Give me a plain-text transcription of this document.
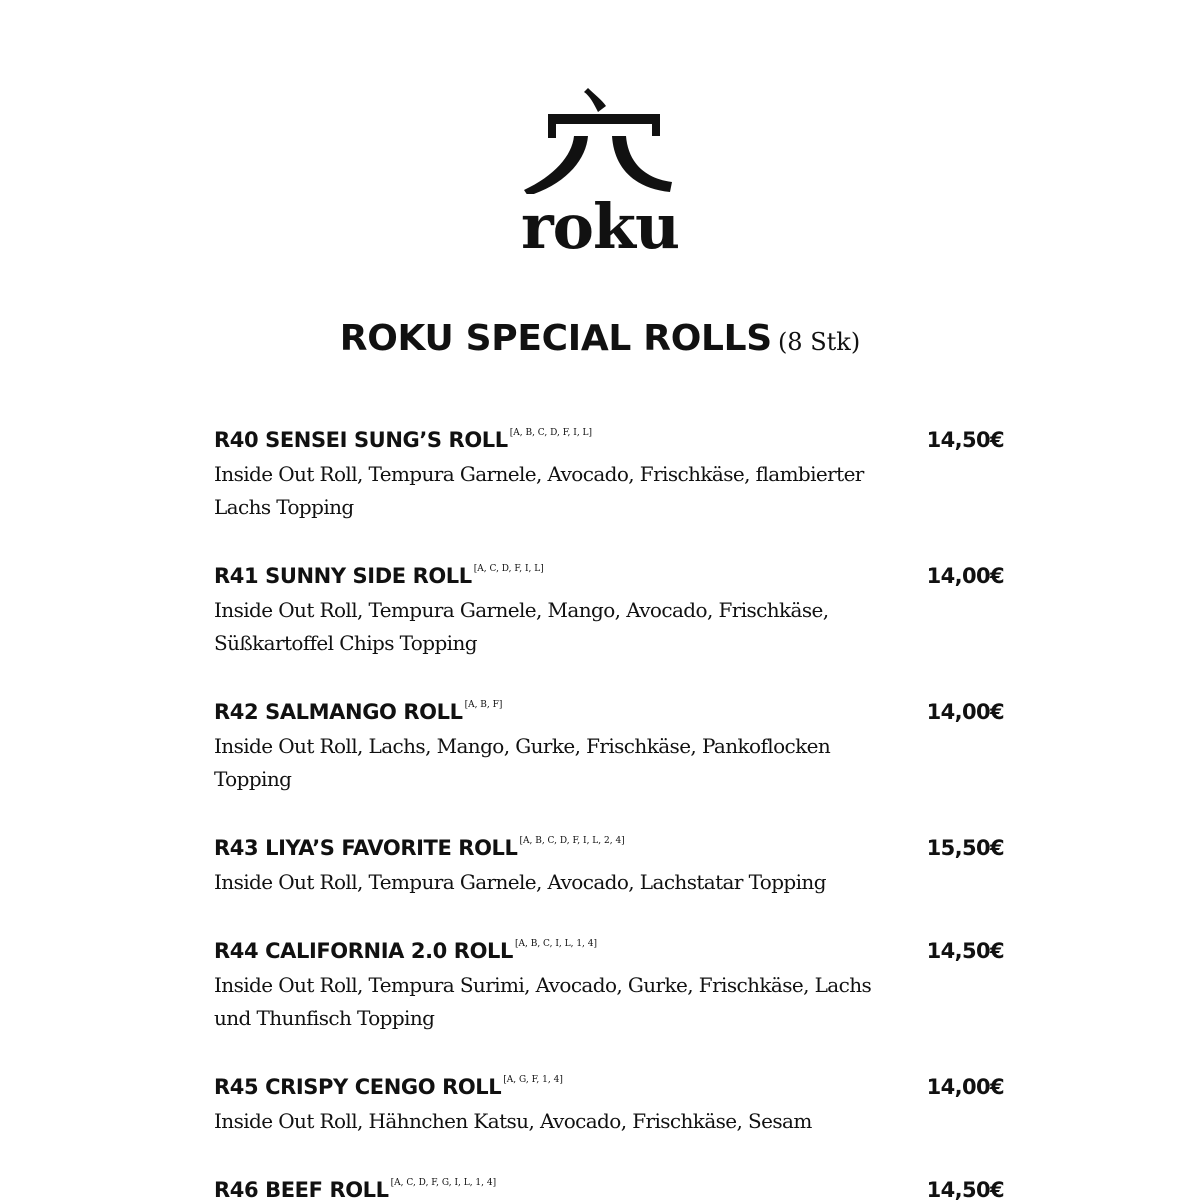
roku
ROKU SPECIAL ROLLS (8 Stk)
R40 SENSEI SUNG’S ROLL [A, B, C, D, F, I, L]	14,50€
Inside Out Roll, Tempura Garnele, Avocado, Frischkäse, flambierter Lachs Topping
R41 SUNNY SIDE ROLL [A, C, D, F, I, L]	14,00€
Inside Out Roll, Tempura Garnele, Mango, Avocado, Frischkäse, Süßkartoffel Chips Topping
R42 SALMANGO ROLL [A, B, F]	14,00€
Inside Out Roll, Lachs, Mango, Gurke, Frischkäse, Pankoflocken Topping
R43 LIYA’S FAVORITE ROLL [A, B, C, D, F, I, L, 2, 4]	15,50€
Inside Out Roll, Tempura Garnele, Avocado, Lachstatar Topping
R44 CALIFORNIA 2.0 ROLL [A, B, C, I, L, 1, 4]	14,50€
Inside Out Roll, Tempura Surimi, Avocado, Gurke, Frischkäse, Lachs und Thunfisch Topping
R45 CRISPY CENGO ROLL [A, G, F, 1, 4]	14,00€
Inside Out Roll, Hähnchen Katsu, Avocado, Frischkäse, Sesam
R46 BEEF ROLL [A, C, D, F, G, I, L, 1, 4]	14,50€
